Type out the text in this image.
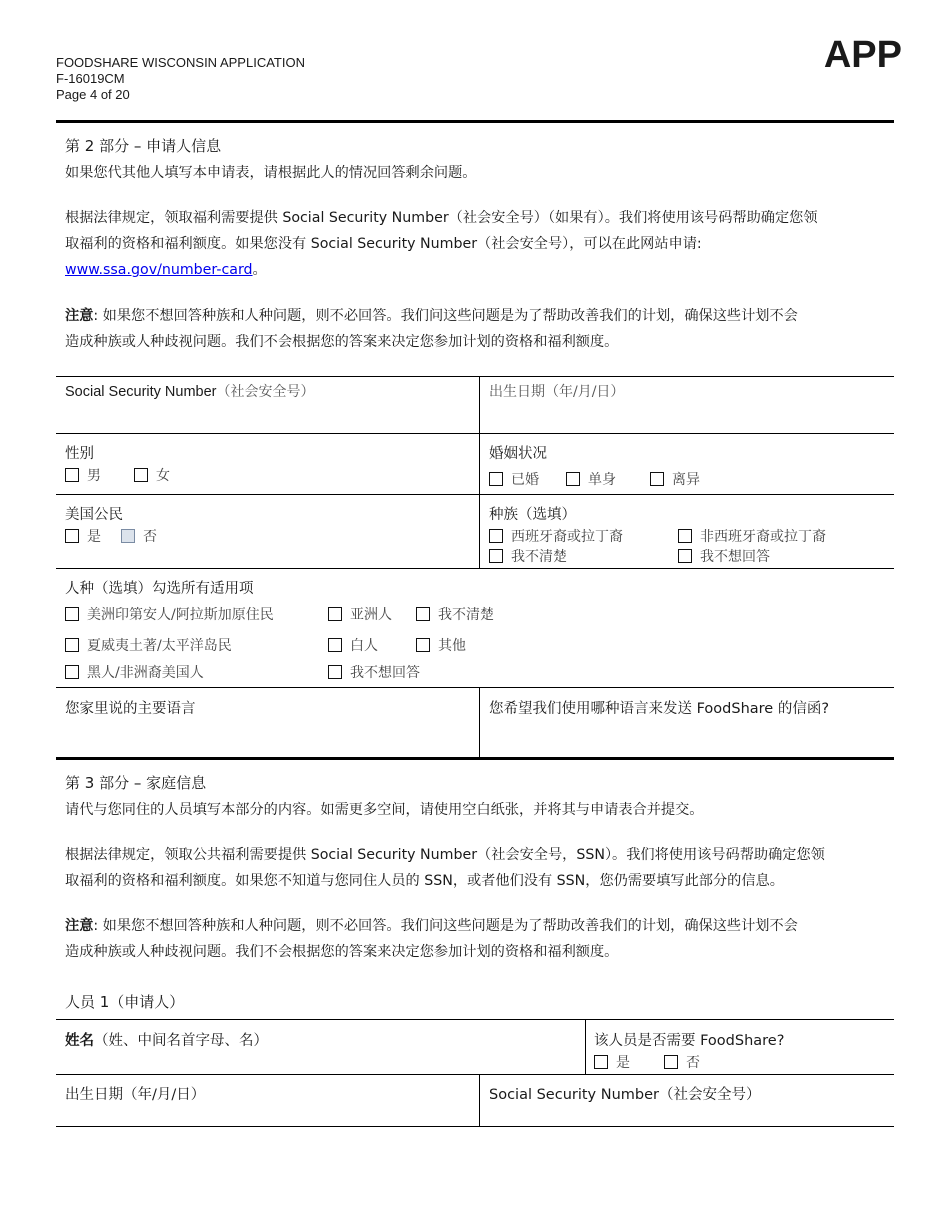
FOODSHARE WISCONSIN APPLICATION
F-16019CM
Page 4 of 20
APP
第 2 部分 – 申请人信息
如果您代其他人填写本申请表，请根据此人的情况回答剩余问题。
根据法律规定，领取福利需要提供 Social Security Number（社会安全号）（如果有）。我们将使用该号码帮助确定您领
取福利的资格和福利额度。如果您没有 Social Security Number（社会安全号），可以在此网站申请:
www.ssa.gov/number-card。
注意: 如果您不想回答种族和人种问题，则不必回答。我们问这些问题是为了帮助改善我们的计划，确保这些计划不会
造成种族或人种歧视问题。我们不会根据您的答案来决定您参加计划的资格和福利额度。
Social Security Number（社会安全号）	出生日期（年/月/日）
性别
男	女
婚姻状况
已婚	单身	离异
美国公民
是	否
种族（选填）
西班牙裔或拉丁裔	非西班牙裔或拉丁裔
我不清楚	我不想回答
人种（选填）勾选所有适用项
美洲印第安人/阿拉斯加原住民	亚洲人	我不清楚
夏威夷土著/太平洋岛民	白人	其他
黑人/非洲裔美国人	我不想回答
您家里说的主要语言	您希望我们使用哪种语言来发送 FoodShare 的信函?
第 3 部分 – 家庭信息
请代与您同住的人员填写本部分的内容。如需更多空间，请使用空白纸张，并将其与申请表合并提交。
根据法律规定，领取公共福利需要提供 Social Security Number（社会安全号，SSN）。我们将使用该号码帮助确定您领
取福利的资格和福利额度。如果您不知道与您同住人员的 SSN，或者他们没有 SSN，您仍需要填写此部分的信息。
注意: 如果您不想回答种族和人种问题，则不必回答。我们问这些问题是为了帮助改善我们的计划，确保这些计划不会
造成种族或人种歧视问题。我们不会根据您的答案来决定您参加计划的资格和福利额度。
人员 1（申请人）
姓名（姓、中间名首字母、名）	该人员是否需要 FoodShare?
是	否
出生日期（年/月/日）	Social Security Number（社会安全号）
